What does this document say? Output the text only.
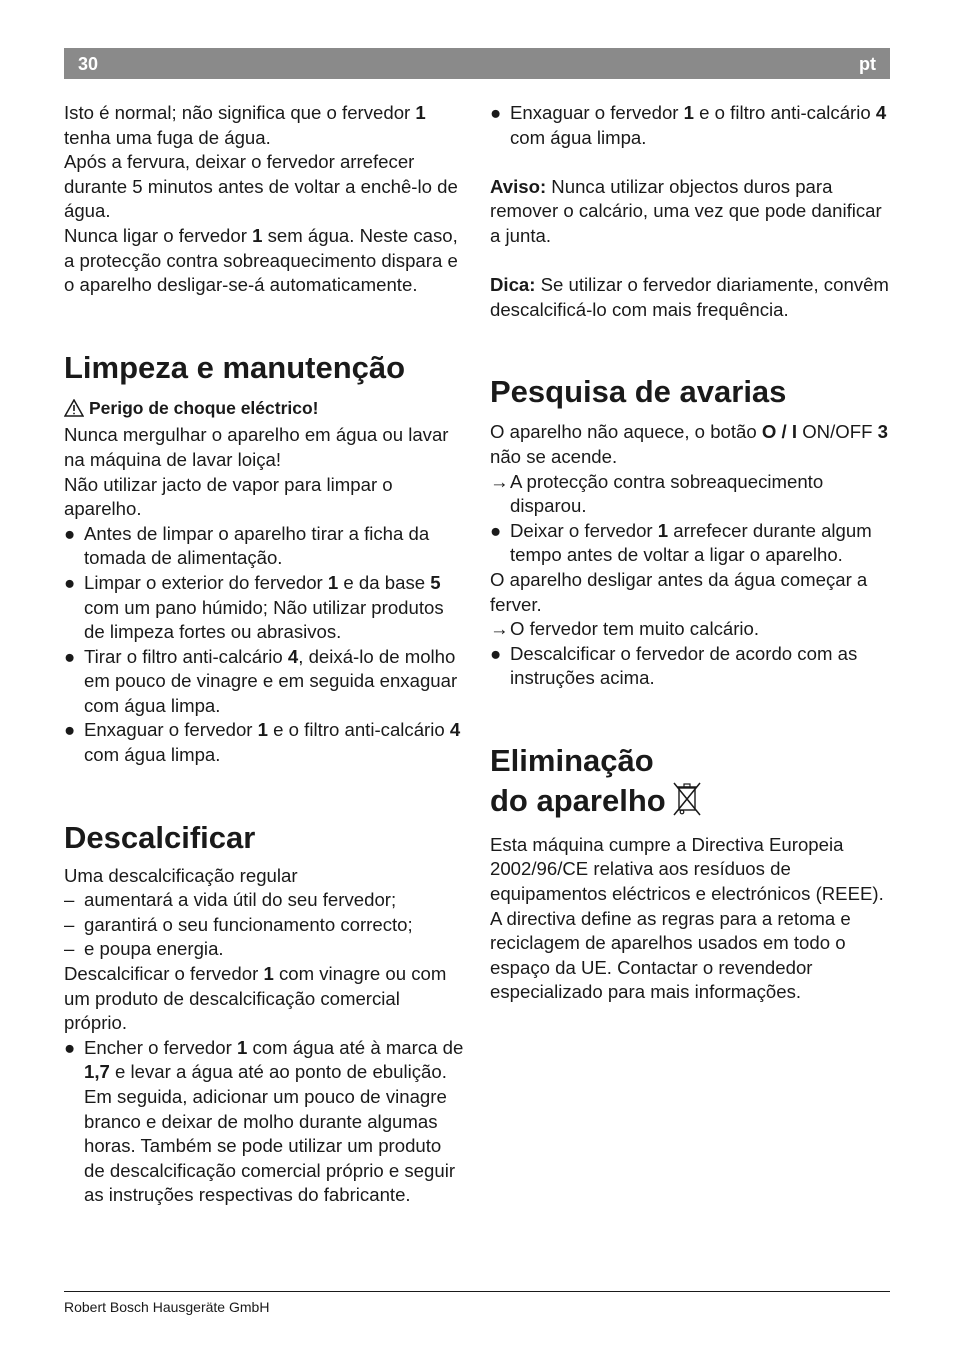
30	pt

Isto é normal; não significa que o fervedor 1 tenha uma fuga de água.

Após a fervura, deixar o fervedor arrefecer durante 5 minutos antes de voltar a enchê-lo de água.

Nunca ligar o fervedor 1 sem água. Neste caso, a protecção contra sobreaquecimento dispara e o aparelho desligar-se-á automaticamente.

Limpeza e manutenção

Perigo de choque eléctrico!

Nunca mergulhar o aparelho em água ou lavar na máquina de lavar loiça!

Não utilizar jacto de vapor para limpar o aparelho.

● Antes de limpar o aparelho tirar a ficha da tomada de alimentação.
● Limpar o exterior do fervedor 1 e da base 5 com um pano húmido; Não utilizar produtos de limpeza fortes ou abrasivos.
● Tirar o filtro anti-calcário 4, deixá-lo de molho em pouco de vinagre e em seguida enxaguar com água limpa.
● Enxaguar o fervedor 1 e o filtro anti-calcário 4 com água limpa.
Descalcificar

Uma descalcificação regular

– aumentará a vida útil do seu fervedor;
– garantirá o seu funcionamento correcto;
– e poupa energia.

Descalcificar o fervedor 1 com vinagre ou com um produto de descalcificação comercial próprio.

● Encher o fervedor 1 com água até à marca de 1,7 e levar a água até ao ponto de ebulição. Em seguida, adicionar um pouco de vinagre branco e deixar de molho durante algumas horas. Também se pode utilizar um produto de descalcificação comercial próprio e seguir as instruções respectivas do fabricante.
● Enxaguar o fervedor 1 e o filtro anti-calcário 4 com água limpa.

Aviso: Nunca utilizar objectos duros para remover o calcário, uma vez que pode danificar a junta.

Dica: Se utilizar o fervedor diariamente, convêm descalcificá-lo com mais frequência.

Pesquisa de avarias

O aparelho não aquece, o botão O / I ON/OFF 3 não se acende.

→ A protecção contra sobreaquecimento disparou.
● Deixar o fervedor 1 arrefecer durante algum tempo antes de voltar a ligar o aparelho.

O aparelho desligar antes da água começar a ferver.

→ O fervedor tem muito calcário.
● Descalcificar o fervedor de acordo com as instruções acima.
Eliminação
do aparelho

Esta máquina cumpre a Directiva Europeia 2002/96/CE relativa aos resíduos de equipamentos eléctricos e electrónicos (REEE). A directiva define as regras para a retoma e reciclagem de aparelhos usados em todo o espaço da UE. Contactar o revendedor especializado para mais informações.

Robert Bosch Hausgeräte GmbH
